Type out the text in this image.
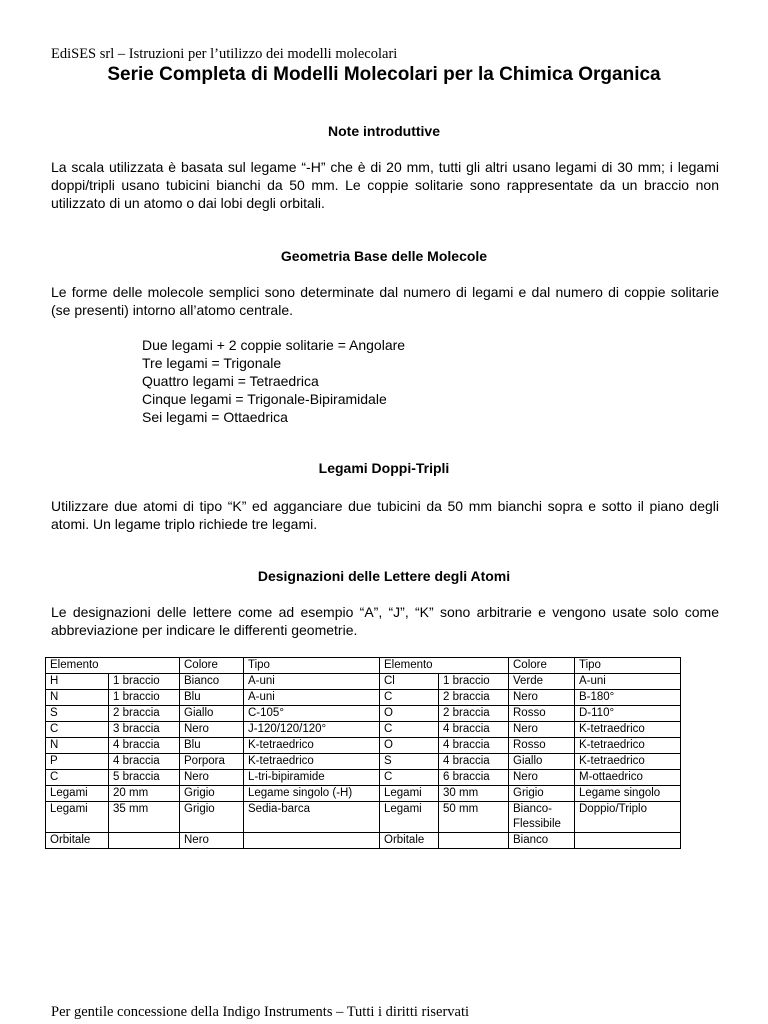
EdiSES srl – Istruzioni per l’utilizzo dei modelli molecolari
Serie Completa di Modelli Molecolari per la Chimica Organica
Note introduttive
La scala utilizzata è basata sul legame “-H” che è di 20 mm, tutti gli altri usano legami di 30 mm; i legami doppi/tripli usano tubicini bianchi da 50 mm. Le coppie solitarie sono rappresentate da un braccio non utilizzato di un atomo o dai lobi degli orbitali.
Geometria Base delle Molecole
Le forme delle molecole semplici sono determinate dal numero di legami e dal numero di coppie solitarie (se presenti) intorno all’atomo centrale.
Due legami + 2 coppie solitarie = Angolare
Tre legami = Trigonale
Quattro legami = Tetraedrica
Cinque legami = Trigonale-Bipiramidale
Sei legami = Ottaedrica
Legami Doppi-Tripli
Utilizzare due atomi di tipo “K” ed agganciare due tubicini da 50 mm bianchi sopra e sotto il piano degli atomi. Un legame triplo richiede tre legami.
Designazioni delle Lettere degli Atomi
Le designazioni delle lettere come ad esempio “A”, “J”, “K” sono arbitrarie e vengono usate solo come abbreviazione per indicare le differenti geometrie.
Elemento		Colore	Tipo	Elemento		Colore	Tipo
H	1 braccio	Bianco	A-uni	Cl	1 braccio	Verde	A-uni
N	1 braccio	Blu	A-uni	C	2 braccia	Nero	B-180°
S	2 braccia	Giallo	C-105°	O	2 braccia	Rosso	D-110°
C	3 braccia	Nero	J-120/120/120°	C	4 braccia	Nero	K-tetraedrico
N	4 braccia	Blu	K-tetraedrico	O	4 braccia	Rosso	K-tetraedrico
P	4 braccia	Porpora	K-tetraedrico	S	4 braccia	Giallo	K-tetraedrico
C	5 braccia	Nero	L-tri-bipiramide	C	6 braccia	Nero	M-ottaedrico
Legami	20 mm	Grigio	Legame singolo (-H)	Legami	30 mm	Grigio	Legame singolo
Legami	35 mm	Grigio	Sedia-barca	Legami	50 mm	Bianco-Flessibile	Doppio/Triplo
Orbitale		Nero		Orbitale		Bianco	
Per gentile concessione della Indigo Instruments – Tutti i diritti riservati
